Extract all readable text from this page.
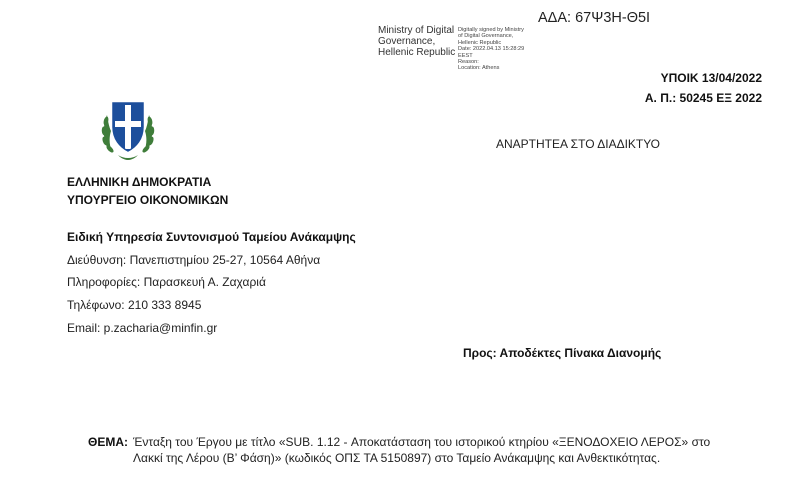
Ministry of Digital
Governance,
Hellenic Republic
Digitally signed by Ministry
of Digital Governance,
Hellenic Republic
Date: 2022.04.13 15:28:29
EEST
Reason:
Location: Athens
ΑΔΑ: 67Ψ3Η-Θ5Ι
ΥΠΟΙΚ 13/04/2022
Α. Π.: 50245 ΕΞ 2022
ΑΝΑΡΤΗΤΕΑ ΣΤΟ ΔΙΑΔΙΚΤΥΟ
ΕΛΛΗΝΙΚΗ ΔΗΜΟΚΡΑΤΙΑ
ΥΠΟΥΡΓΕΙΟ ΟΙΚΟΝΟΜΙΚΩΝ
Ειδική Υπηρεσία Συντονισμού Ταμείου Ανάκαμψης
Διεύθυνση: Πανεπιστημίου 25-27, 10564 Αθήνα
Πληροφορίες: Παρασκευή Α. Ζαχαριά
Τηλέφωνο: 210 333 8945
Email: p.zacharia@minfin.gr
Προς: Αποδέκτες Πίνακα Διανομής
ΘΕΜΑ: Ένταξη του Έργου με τίτλο «SUB. 1.12 - Αποκατάσταση του ιστορικού κτηρίου «ΞΕΝΟΔΟΧΕΙΟ ΛΕΡΟΣ» στο Λακκί της Λέρου (Β’ Φάση)» (κωδικός ΟΠΣ ΤΑ 5150897) στο Ταμείο Ανάκαμψης και Ανθεκτικότητας.
